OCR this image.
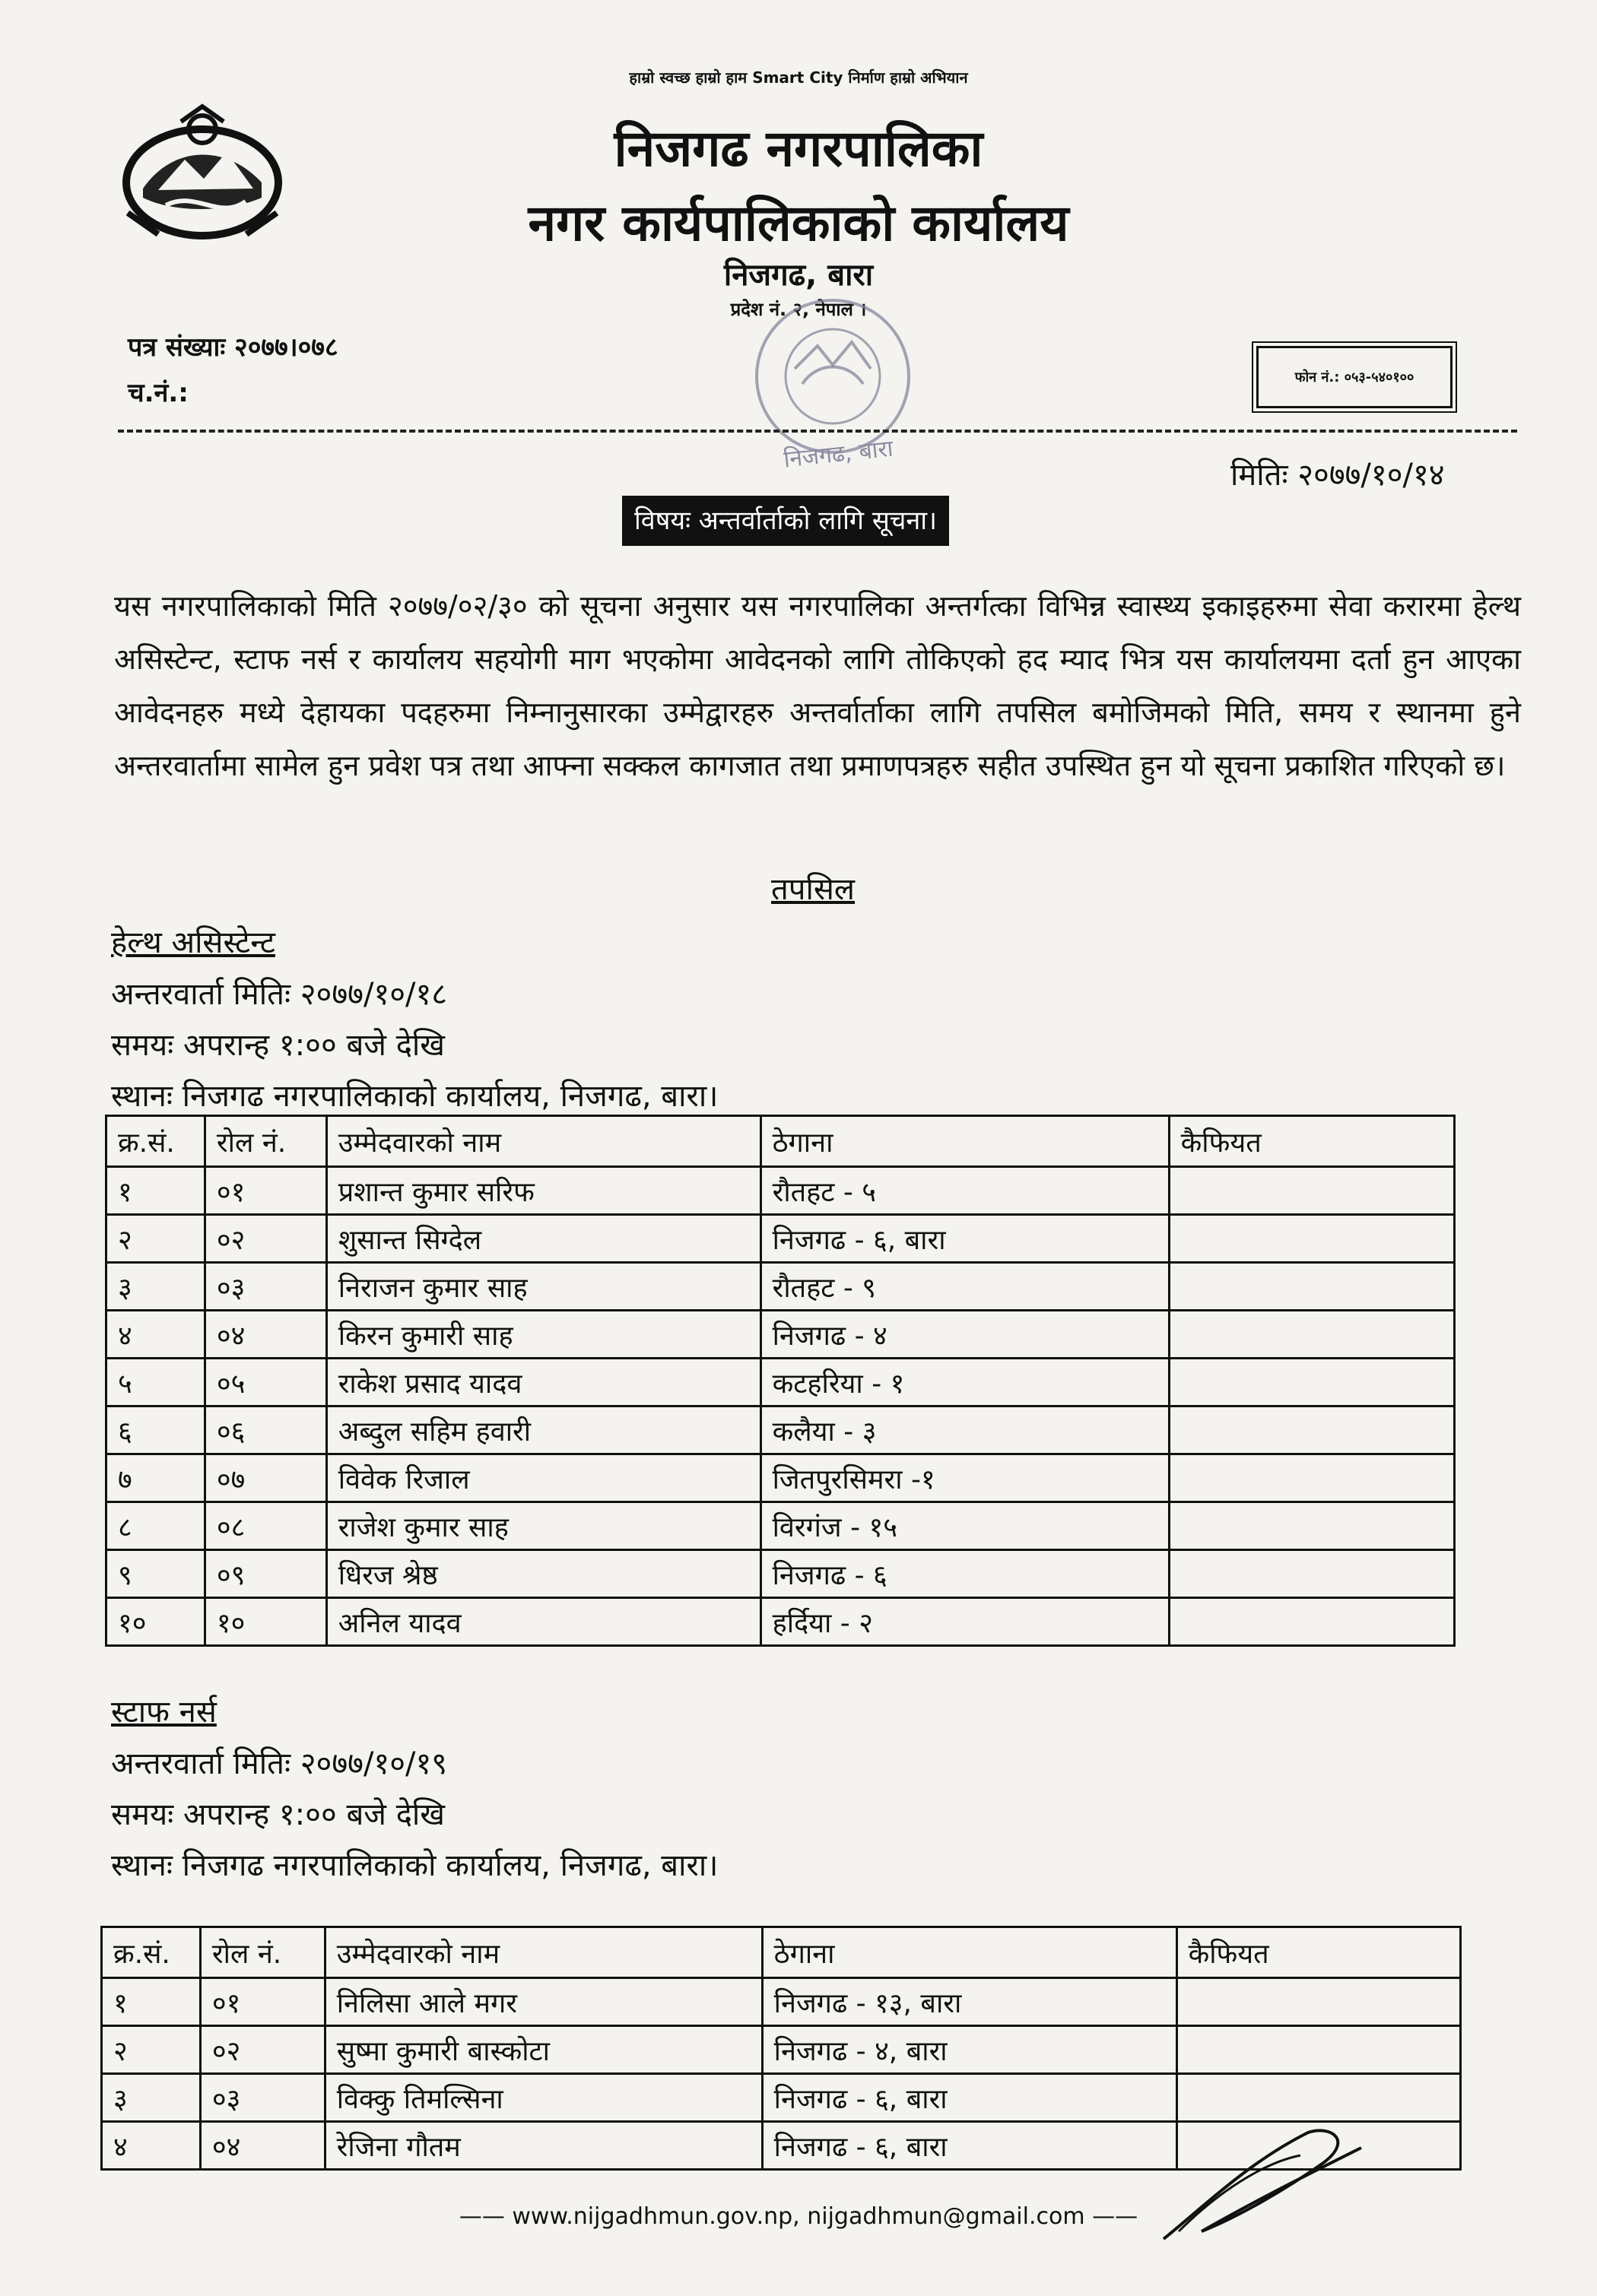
हाम्रो स्वच्छ हाम्रो हाम Smart City निर्माण हाम्रो अभियान
निजगढ नगरपालिका
नगर कार्यपालिकाको कार्यालय
निजगढ, बारा
प्रदेश नं. २, नेपाल ।
निजगढ, बारा
पत्र संख्याः २०७७।०७८
च.नं.:
फोन नं.: ०५३-५४०१००
मितिः २०७७/१०/१४
विषयः अन्तर्वार्ताको लागि सूचना।
यस नगरपालिकाको मिति २०७७/०२/३० को सूचना अनुसार यस नगरपालिका अन्तर्गत्का विभिन्न स्वास्थ्य इकाइहरुमा सेवा करारमा हेल्थ असिस्टेन्ट, स्टाफ नर्स र कार्यालय सहयोगी माग भएकोमा आवेदनको लागि तोकिएको हद म्याद भित्र यस कार्यालयमा दर्ता हुन आएका आवेदनहरु मध्ये देहायका पदहरुमा निम्नानुसारका उम्मेद्वारहरु अन्तर्वार्ताका लागि तपसिल बमोजिमको मिति, समय र स्थानमा हुने अन्तरवार्तामा सामेल हुन प्रवेश पत्र तथा आफ्ना सक्कल कागजात तथा प्रमाणपत्रहरु सहीत उपस्थित हुन यो सूचना प्रकाशित गरिएको छ।
तपसिल
हेल्थ असिस्टेन्ट
अन्तरवार्ता मितिः २०७७/१०/१८
समयः अपरान्ह १:०० बजे देखि
स्थानः निजगढ नगरपालिकाको कार्यालय, निजगढ, बारा।
क्र.सं.	रोल नं.	उम्मेदवारको नाम	ठेगाना	कैफियत
१	०१	प्रशान्त कुमार सरिफ	रौतहट - ५	
२	०२	शुसान्त सिग्देल	निजगढ - ६, बारा	
३	०३	निराजन कुमार साह	रौतहट - ९	
४	०४	किरन कुमारी साह	निजगढ - ४	
५	०५	राकेश प्रसाद यादव	कटहरिया - १	
६	०६	अब्दुल सहिम हवारी	कलैया - ३	
७	०७	विवेक रिजाल	जितपुरसिमरा -१	
८	०८	राजेश कुमार साह	विरगंज - १५	
९	०९	धिरज श्रेष्ठ	निजगढ - ६	
१०	१०	अनिल यादव	हर्दिया - २	
स्टाफ नर्स
अन्तरवार्ता मितिः २०७७/१०/१९
समयः अपरान्ह १:०० बजे देखि
स्थानः निजगढ नगरपालिकाको कार्यालय, निजगढ, बारा।
क्र.सं.	रोल नं.	उम्मेदवारको नाम	ठेगाना	कैफियत
१	०१	निलिसा आले मगर	निजगढ - १३, बारा	
२	०२	सुष्मा कुमारी बास्कोटा	निजगढ - ४, बारा	
३	०३	विक्कु तिमल्सिना	निजगढ - ६, बारा	
४	०४	रेजिना गौतम	निजगढ - ६, बारा	
—— www.nijgadhmun.gov.np, nijgadhmun@gmail.com ——
